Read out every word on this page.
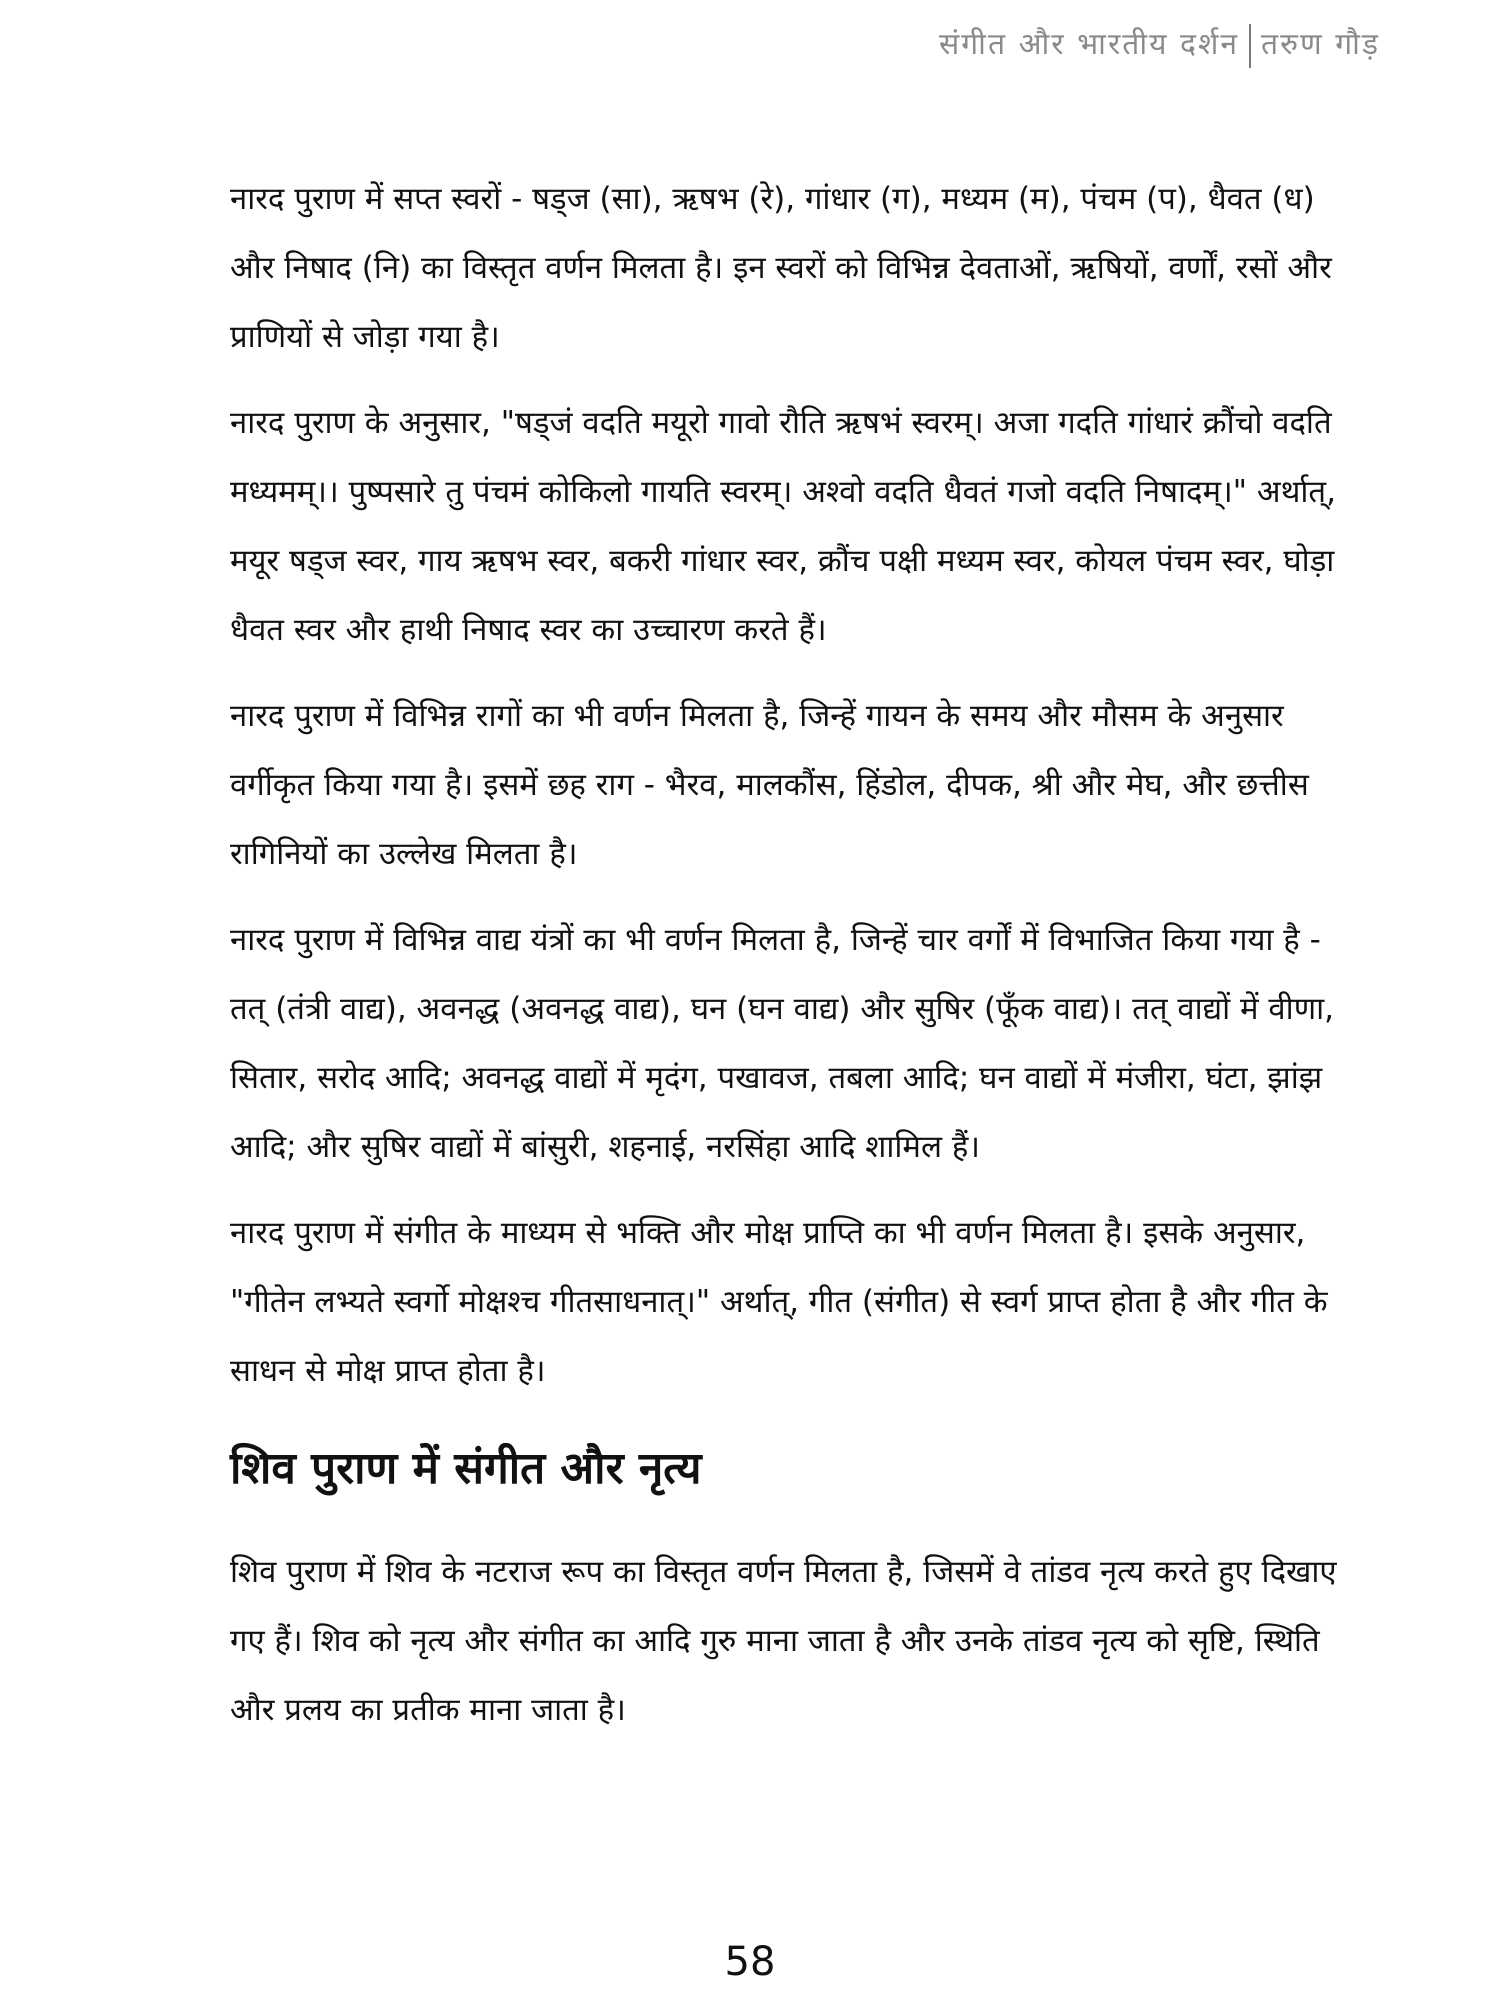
संगीत और भारतीय दर्शन तरुण गौड़

नारद पुराण में सप्त स्वरों - षड्ज (सा), ऋषभ (रे), गांधार (ग), मध्यम (म), पंचम (प), धैवत (ध) और निषाद (नि) का विस्तृत वर्णन मिलता है। इन स्वरों को विभिन्न देवताओं, ऋषियों, वर्णों, रसों और प्राणियों से जोड़ा गया है।

नारद पुराण के अनुसार, "षड्जं वदति मयूरो गावो रौति ऋषभं स्वरम्। अजा गदति गांधारं क्रौंचो वदति मध्यमम्।। पुष्पसारे तु पंचमं कोकिलो गायति स्वरम्। अश्वो वदति धैवतं गजो वदति निषादम्।" अर्थात्, मयूर षड्ज स्वर, गाय ऋषभ स्वर, बकरी गांधार स्वर, क्रौंच पक्षी मध्यम स्वर, कोयल पंचम स्वर, घोड़ा धैवत स्वर और हाथी निषाद स्वर का उच्चारण करते हैं।

नारद पुराण में विभिन्न रागों का भी वर्णन मिलता है, जिन्हें गायन के समय और मौसम के अनुसार वर्गीकृत किया गया है। इसमें छह राग - भैरव, मालकौंस, हिंडोल, दीपक, श्री और मेघ, और छत्तीस रागिनियों का उल्लेख मिलता है।

नारद पुराण में विभिन्न वाद्य यंत्रों का भी वर्णन मिलता है, जिन्हें चार वर्गों में विभाजित किया गया है - तत् (तंत्री वाद्य), अवनद्ध (अवनद्ध वाद्य), घन (घन वाद्य) और सुषिर (फूँक वाद्य)। तत् वाद्यों में वीणा, सितार, सरोद आदि; अवनद्ध वाद्यों में मृदंग, पखावज, तबला आदि; घन वाद्यों में मंजीरा, घंटा, झांझ आदि; और सुषिर वाद्यों में बांसुरी, शहनाई, नरसिंहा आदि शामिल हैं।

नारद पुराण में संगीत के माध्यम से भक्ति और मोक्ष प्राप्ति का भी वर्णन मिलता है। इसके अनुसार, "गीतेन लभ्यते स्वर्गो मोक्षश्च गीतसाधनात्।" अर्थात्, गीत (संगीत) से स्वर्ग प्राप्त होता है और गीत के साधन से मोक्ष प्राप्त होता है।

शिव पुराण में संगीत और नृत्य

शिव पुराण में शिव के नटराज रूप का विस्तृत वर्णन मिलता है, जिसमें वे तांडव नृत्य करते हुए दिखाए गए हैं। शिव को नृत्य और संगीत का आदि गुरु माना जाता है और उनके तांडव नृत्य को सृष्टि, स्थिति और प्रलय का प्रतीक माना जाता है।

58
